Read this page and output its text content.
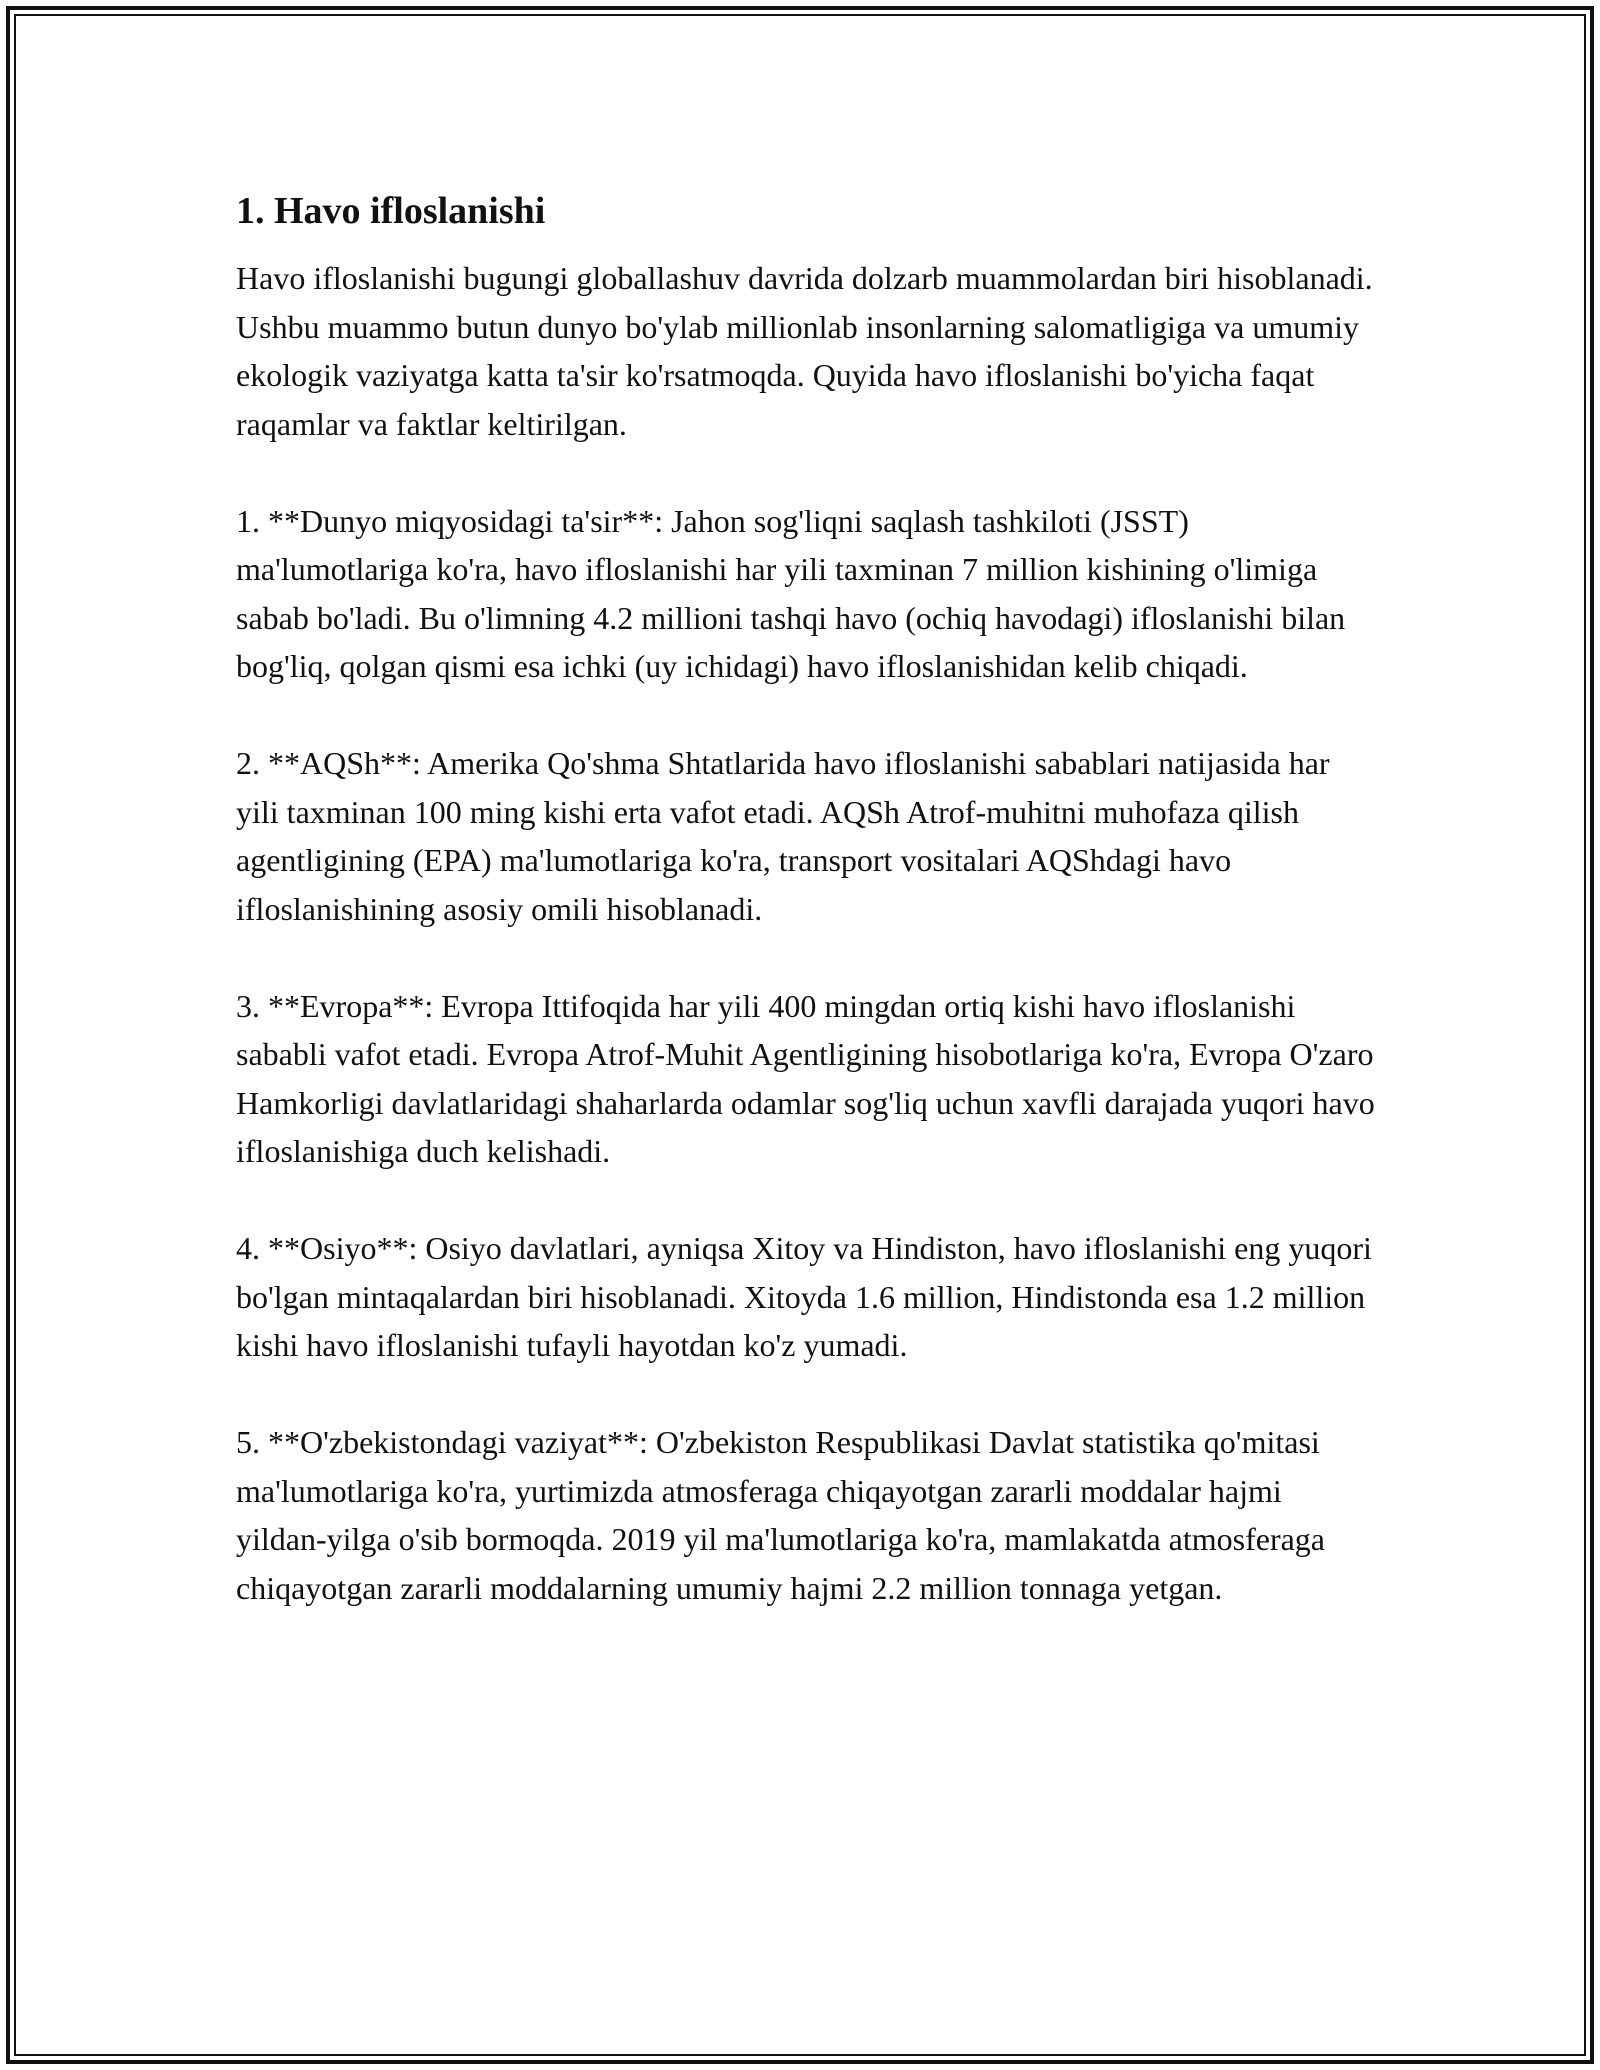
1. Havo ifloslanishi

Havo ifloslanishi bugungi globallashuv davrida dolzarb muammolardan biri hisoblanadi. Ushbu muammo butun dunyo bo'ylab millionlab insonlarning salomatligiga va umumiy ekologik vaziyatga katta ta'sir ko'rsatmoqda. Quyida havo ifloslanishi bo'yicha faqat raqamlar va faktlar keltirilgan.

1. **Dunyo miqyosidagi ta'sir**: Jahon sog'liqni saqlash tashkiloti (JSST) ma'lumotlariga ko'ra, havo ifloslanishi har yili taxminan 7 million kishining o'limiga sabab bo'ladi. Bu o'limning 4.2 millioni tashqi havo (ochiq havodagi) ifloslanishi bilan bog'liq, qolgan qismi esa ichki (uy ichidagi) havo ifloslanishidan kelib chiqadi.

2. **AQSh**: Amerika Qo'shma Shtatlarida havo ifloslanishi sabablari natijasida har yili taxminan 100 ming kishi erta vafot etadi. AQSh Atrof-muhitni muhofaza qilish agentligining (EPA) ma'lumotlariga ko'ra, transport vositalari AQShdagi havo ifloslanishining asosiy omili hisoblanadi.

3. **Evropa**: Evropa Ittifoqida har yili 400 mingdan ortiq kishi havo ifloslanishi sababli vafot etadi. Evropa Atrof-Muhit Agentligining hisobotlariga ko'ra, Evropa O'zaro Hamkorligi davlatlaridagi shaharlarda odamlar sog'liq uchun xavfli darajada yuqori havo ifloslanishiga duch kelishadi.

4. **Osiyo**: Osiyo davlatlari, ayniqsa Xitoy va Hindiston, havo ifloslanishi eng yuqori bo'lgan mintaqalardan biri hisoblanadi. Xitoyda 1.6 million, Hindistonda esa 1.2 million kishi havo ifloslanishi tufayli hayotdan ko'z yumadi.

5. **O'zbekistondagi vaziyat**: O'zbekiston Respublikasi Davlat statistika qo'mitasi ma'lumotlariga ko'ra, yurtimizda atmosferaga chiqayotgan zararli moddalar hajmi yildan-yilga o'sib bormoqda. 2019 yil ma'lumotlariga ko'ra, mamlakatda atmosferaga chiqayotgan zararli moddalarning umumiy hajmi 2.2 million tonnaga yetgan.
